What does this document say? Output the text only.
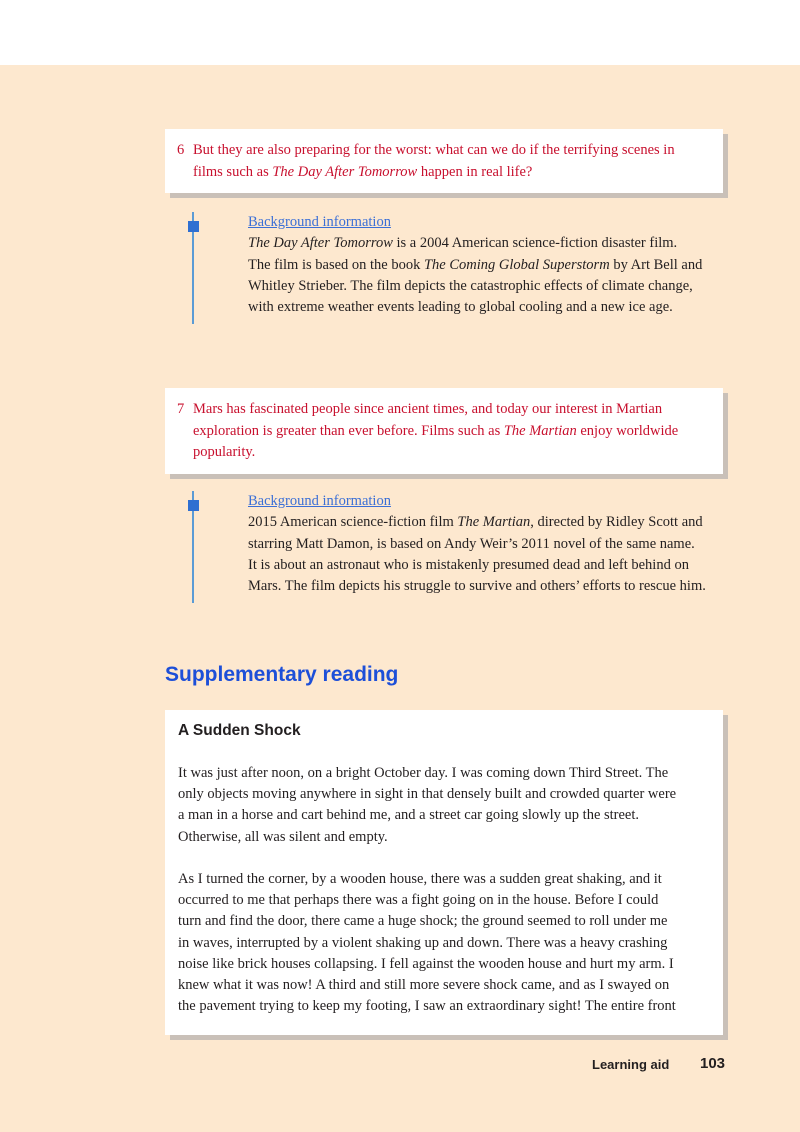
6 But they are also preparing for the worst: what can we do if the terrifying scenes in
films such as The Day After Tomorrow happen in real life?
Background information
The Day After Tomorrow is a 2004 American science-fiction disaster film.
The film is based on the book The Coming Global Superstorm by Art Bell and
Whitley Strieber. The film depicts the catastrophic effects of climate change,
with extreme weather events leading to global cooling and a new ice age.
7 Mars has fascinated people since ancient times, and today our interest in Martian
exploration is greater than ever before. Films such as The Martian enjoy worldwide
popularity.
Background information
2015 American science-fiction film The Martian, directed by Ridley Scott and
starring Matt Damon, is based on Andy Weir’s 2011 novel of the same name.
It is about an astronaut who is mistakenly presumed dead and left behind on
Mars. The film depicts his struggle to survive and others’ efforts to rescue him.
Supplementary reading
A Sudden Shock
It was just after noon, on a bright October day. I was coming down Third Street. The
only objects moving anywhere in sight in that densely built and crowded quarter were
a man in a horse and cart behind me, and a street car going slowly up the street.
Otherwise, all was silent and empty.
As I turned the corner, by a wooden house, there was a sudden great shaking, and it
occurred to me that perhaps there was a fight going on in the house. Before I could
turn and find the door, there came a huge shock; the ground seemed to roll under me
in waves, interrupted by a violent shaking up and down. There was a heavy crashing
noise like brick houses collapsing. I fell against the wooden house and hurt my arm. I
knew what it was now! A third and still more severe shock came, and as I swayed on
the pavement trying to keep my footing, I saw an extraordinary sight! The entire front
Learning aid 103
